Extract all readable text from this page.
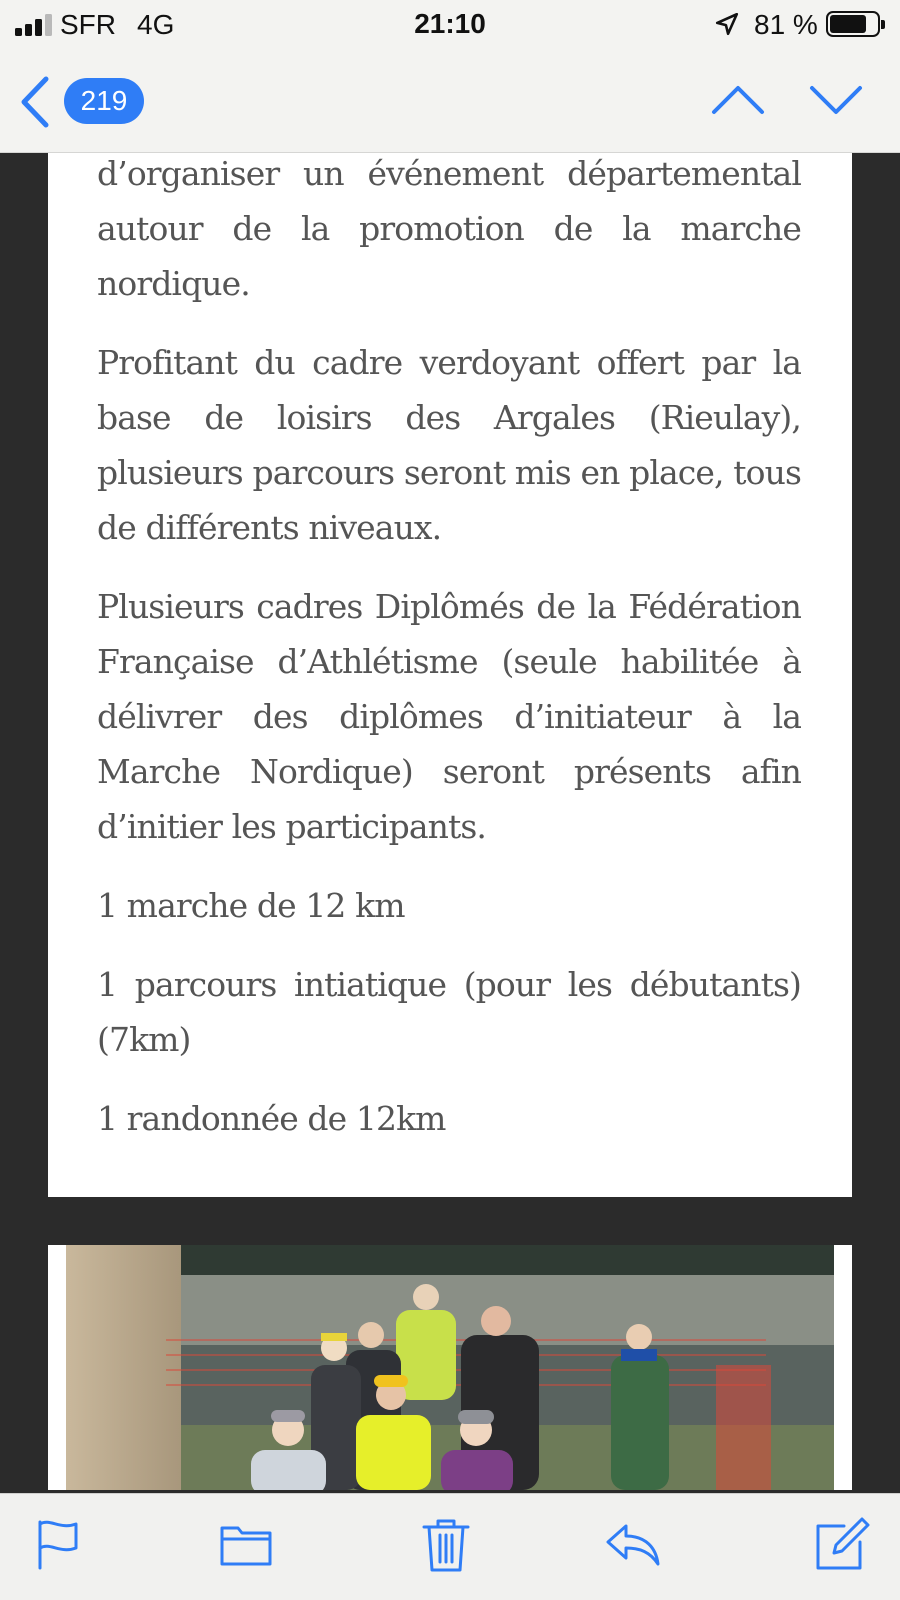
SFR 4G	21:10	81 %
219

d’organiser un événement départemental autour de la promotion de la marche nordique.

Profitant du cadre verdoyant offert par la base de loisirs des Argales (Rieulay), plusieurs parcours seront mis en place, tous de différents niveaux.

Plusieurs cadres Diplômés de la Fédération Française d’Athlétisme (seule habilitée à délivrer des diplômes d’initiateur à la Marche Nordique) seront présents afin d’initier les participants.

1 marche de 12 km

1 parcours intiatique (pour les débutants) (7km)

1 randonnée de 12km
